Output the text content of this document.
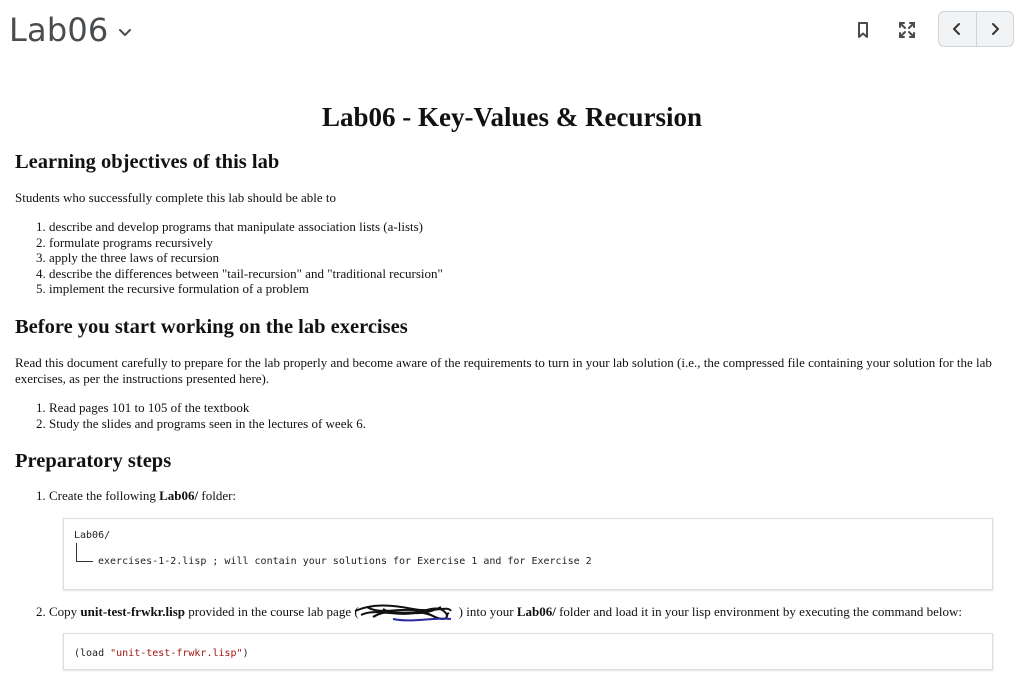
Lab06
Lab06 - Key-Values & Recursion
Learning objectives of this lab

Students who successfully complete this lab should be able to

1. describe and develop programs that manipulate association lists (a-lists)
2. formulate programs recursively
3. apply the three laws of recursion
4. describe the differences between "tail-recursion" and "traditional recursion"
5. implement the recursive formulation of a problem
Before you start working on the lab exercises

Read this document carefully to prepare for the lab properly and become aware of the requirements to turn in your lab solution (i.e., the compressed file containing your solution for the lab exercises, as per the instructions presented here).

1. Read pages 101 to 105 of the textbook
2. Study the slides and programs seen in the lectures of week 6.
Preparatory steps

1. Create the following Lab06/ folder:

Lab06/
exercises-1-2.lisp ; will contain your solutions for Exercise 1 and for Exercise 2

2. Copy unit-test-frwkr.lisp provided in the course lab page (	) into your Lab06/ folder and load it in your lisp environment by executing the command below:

(load "unit-test-frwkr.lisp")
